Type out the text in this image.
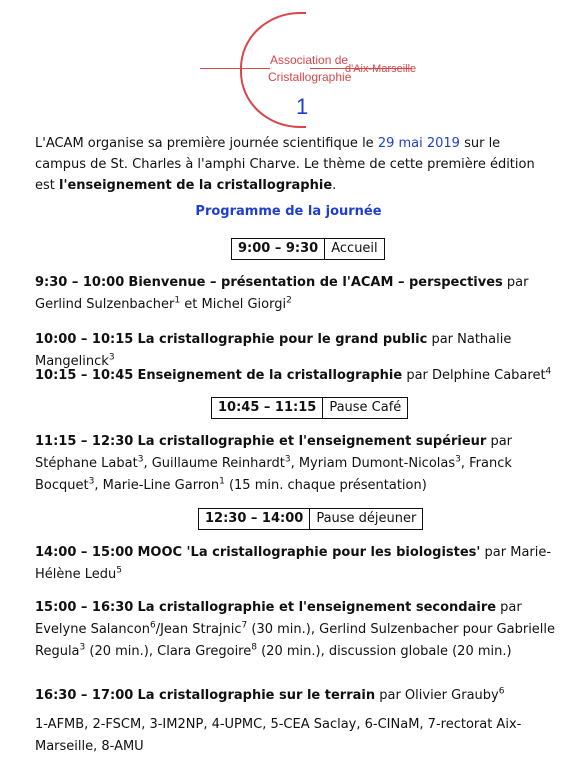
Association de
Cristallographie
d'Aix-Marseille
1
L'ACAM organise sa première journée scientifique le 29 mai 2019 sur le campus de St. Charles à l'amphi Charve. Le thème de cette première édition est l'enseignement de la cristallographie.
Programme de la journée
9:00 – 9:30	Accueil
10:45 – 11:15	Pause Café
12:30 – 14:00	Pause déjeuner
9:30 – 10:00 Bienvenue – présentation de l'ACAM – perspectives par Gerlind Sulzenbacher$^1$ et Michel Giorgi$^2$
10:00 – 10:15 La cristallographie pour le grand public par Nathalie Mangelinck$^3$
10:15 – 10:45 Enseignement de la cristallographie par Delphine Cabaret$^4$
11:15 – 12:30 La cristallographie et l'enseignement supérieur par Stéphane Labat$^3$, Guillaume Reinhardt$^3$, Myriam Dumont-Nicolas$^3$, Franck Bocquet$^3$, Marie-Line Garron$^1$ (15 min. chaque présentation)
14:00 – 15:00 MOOC 'La cristallographie pour les biologistes' par Marie-Hélène Ledu$^5$
15:00 – 16:30 La cristallographie et l'enseignement secondaire par Evelyne Salancon$^6$/Jean Strajnic$^7$ (30 min.), Gerlind Sulzenbacher pour Gabrielle Regula$^3$ (20 min.), Clara Gregoire$^8$ (20 min.), discussion globale (20 min.)
16:30 – 17:00 La cristallographie sur le terrain par Olivier Grauby$^6$
1-AFMB, 2-FSCM, 3-IM2NP, 4-UPMC, 5-CEA Saclay, 6-CINaM, 7-rectorat Aix-Marseille, 8-AMU
